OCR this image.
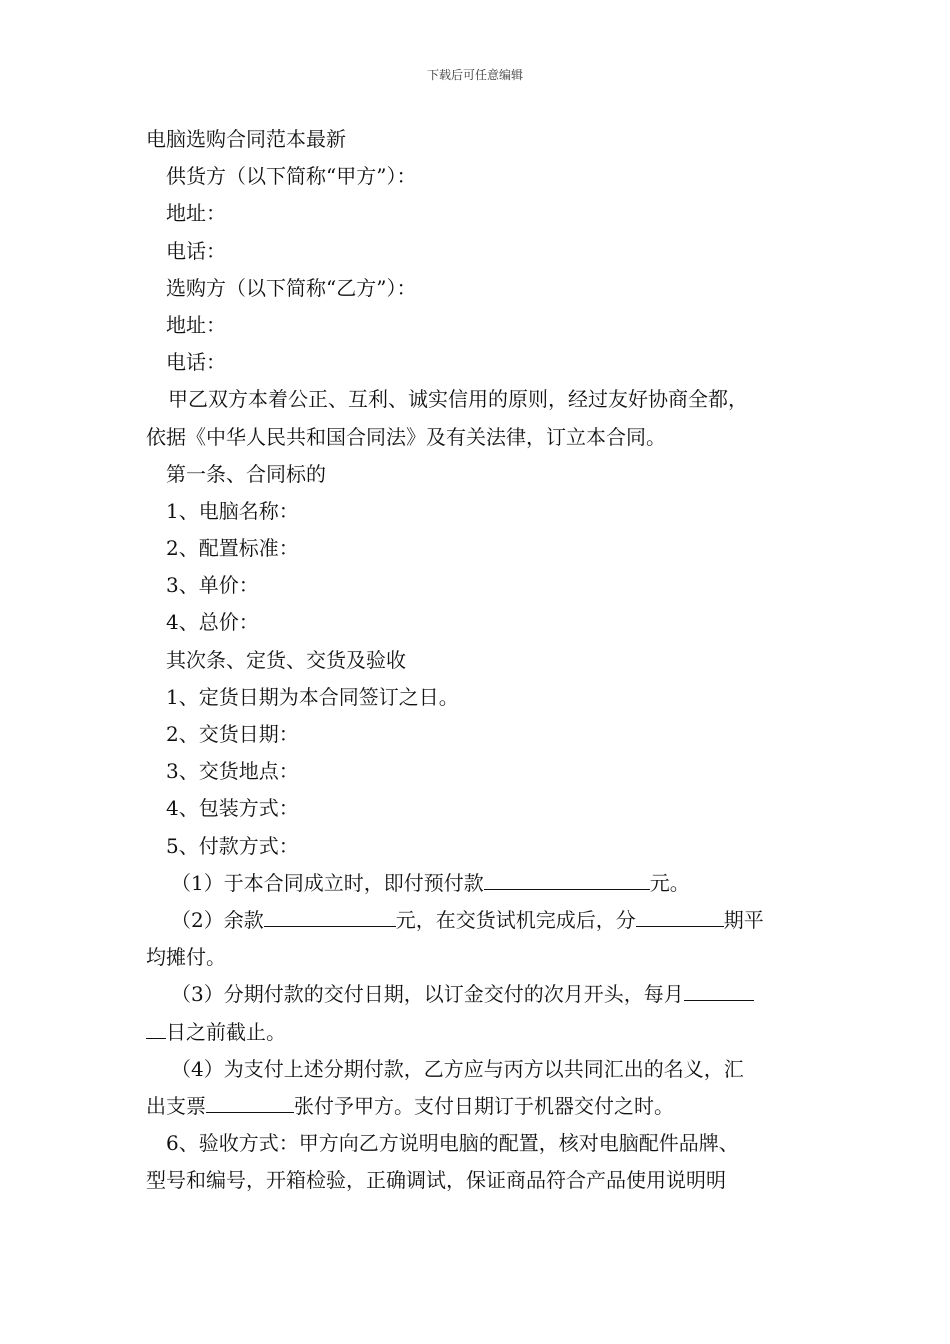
下载后可任意编辑
电脑选购合同范本最新
供货方（以下简称“甲方”）：
地址：
电话：
选购方（以下简称“乙方”）：
地址：
电话：
甲乙双方本着公正、互利、诚实信用的原则，经过友好协商全都，
依据《中华人民共和国合同法》及有关法律，订立本合同。
第一条、合同标的
1、电脑名称：
2、配置标准：
3、单价：
4、总价：
其次条、定货、交货及验收
1、定货日期为本合同签订之日。
2、交货日期：
3、交货地点：
4、包装方式：
5、付款方式：
（1）于本合同成立时，即付预付款	元。
（2）余款	元，在交货试机完成后，分	期平
均摊付。
（3）分期付款的交付日期，以订金交付的次月开头，每月
日之前截止。
（4）为支付上述分期付款，乙方应与丙方以共同汇出的名义，汇
出支票	张付予甲方。支付日期订于机器交付之时。
6、验收方式：甲方向乙方说明电脑的配置，核对电脑配件品牌、
型号和编号，开箱检验，正确调试，保证商品符合产品使用说明明
